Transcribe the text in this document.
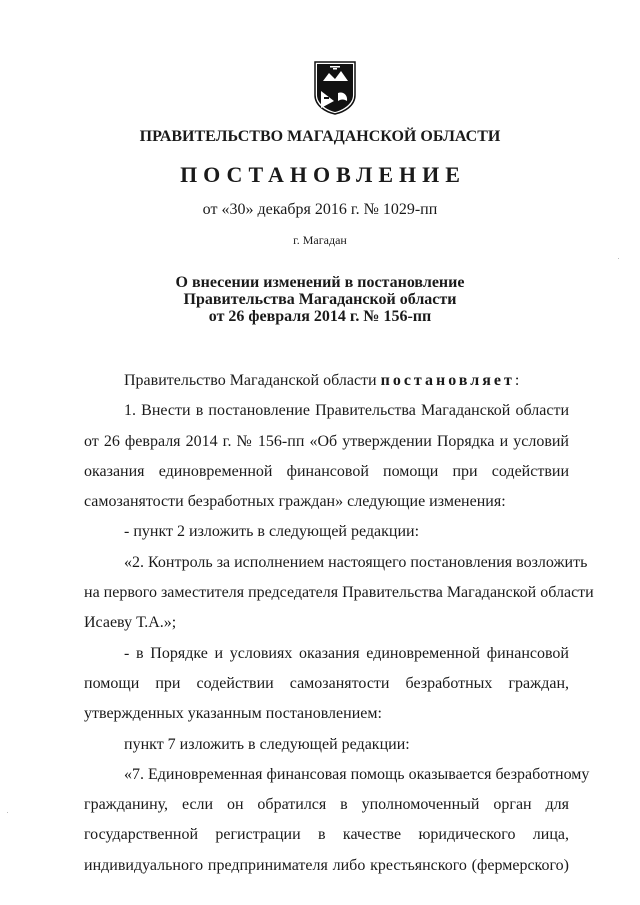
ПРАВИТЕЛЬСТВО МАГАДАНСКОЙ ОБЛАСТИ
ПОСТАНОВЛЕНИЕ
от «30» декабря 2016 г. № 1029-пп
г. Магадан
О внесении изменений в постановление
Правительства Магаданской области
от 26 февраля 2014 г. № 156-пп
Правительство Магаданской области постановляет:
1. Внести в постановление Правительства Магаданской области
от 26 февраля 2014 г. № 156-пп «Об утверждении Порядка и условий
оказания единовременной финансовой помощи при содействии
самозанятости безработных граждан» следующие изменения:
- пункт 2 изложить в следующей редакции:
«2. Контроль за исполнением настоящего постановления возложить
на первого заместителя председателя Правительства Магаданской области
Исаеву Т.А.»;
- в Порядке и условиях оказания единовременной финансовой
помощи при содействии самозанятости безработных граждан,
утвержденных указанным постановлением:
пункт 7 изложить в следующей редакции:
«7. Единовременная финансовая помощь оказывается безработному
гражданину, если он обратился в уполномоченный орган для
государственной регистрации в качестве юридического лица,
индивидуального предпринимателя либо крестьянского (фермерского)
